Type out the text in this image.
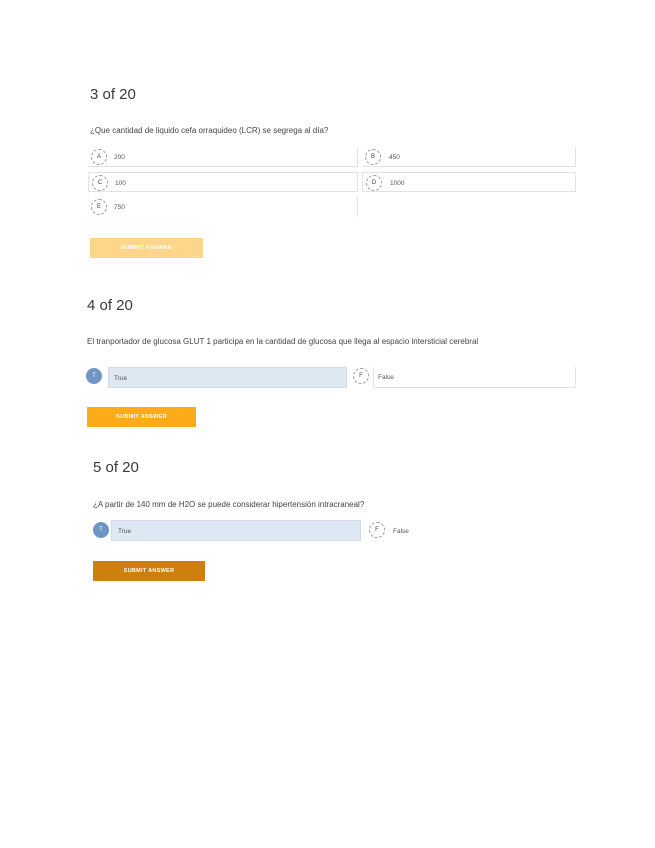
3 of 20
¿Que cantidad de liquido cefa orraquideo (LCR) se segrega al día?
A	200	B	450
C	100	D	1000
E	750
SUBMIT ANSWER
4 of 20
El tranportador de glucosa GLUT 1 participa en la cantidad de glucosa que llega al espacio intersticial cerebral
T	True	F	False
SUBMIT ANSWER
5 of 20
¿A partir de 140 mm de H2O se puede considerar hipertensión intracraneal?
T	True	F	False
SUBMIT ANSWER
